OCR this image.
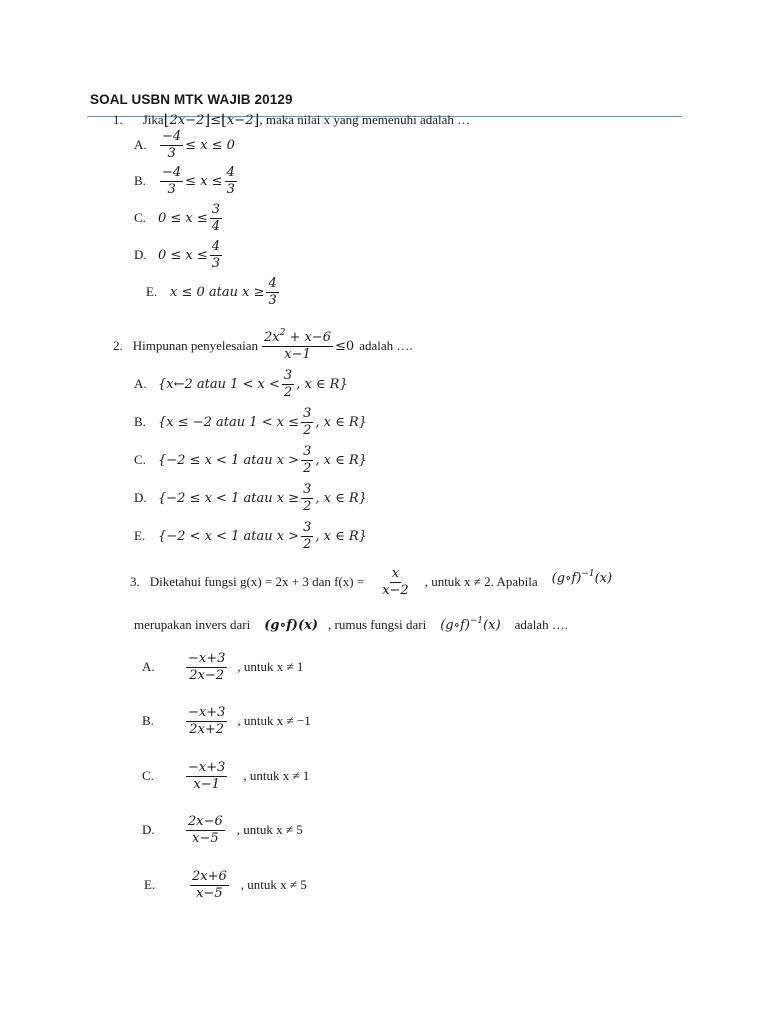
SOAL USBN MTK WAJIB 20129
1. Jika ⌊ 2x−2 ⌋ ≤ ⌊ x−2 ⌋ , maka nilai x yang memenuhi adalah …
A.	$\frac{-4}{3} \le x \le 0$
B.	$\frac{-4}{3} \le x \le \frac{4}{3}$
C. $0 \le x \le \frac{3}{4}$
D. $0 \le x \le \frac{4}{3}$
E. x ≤ 0 atau $x \ge \frac{4}{3}$
2. Himpunan penyelesaian $\frac{2x^2 + x-6}{x-1} \le 0$ adalah ….
A. {x←2 atau $1 < x < \frac{3}{2}$ , x ∈ R}
B. {x ≤ −2 atau $1 < x \le \frac{3}{2}$ , x ∈ R}
C. {−2 ≤ x < 1 atau $x > \frac{3}{2}$ , x ∈ R}
D. {−2 ≤ x < 1 atau $x \ge \frac{3}{2}$ , x ∈ R}
E. {−2 < x < 1 atau $x > \frac{3}{2}$ , x ∈ R}
3. Diketahui fungsi g(x) = 2x + 3 dan $f(x) = \frac{x}{x-2}$ , untuk x ≠ 2. Apabila (g∘f)$^{-1}$(x)
merupakan invers dari (g∘f)(x) , rumus fungsi dari (g∘f)$^{-1}$(x) adalah ….
A.	$\frac{-x+3}{2x-2}$ , untuk x ≠ 1
B.	$\frac{-x+3}{2x+2}$ , untuk x ≠ −1
C.	$\frac{-x+3}{x-1}$ , untuk x ≠ 1
D.	$\frac{2x-6}{x-5}$ , untuk x ≠ 5
E.	$\frac{2x+6}{x-5}$ , untuk x ≠ 5
